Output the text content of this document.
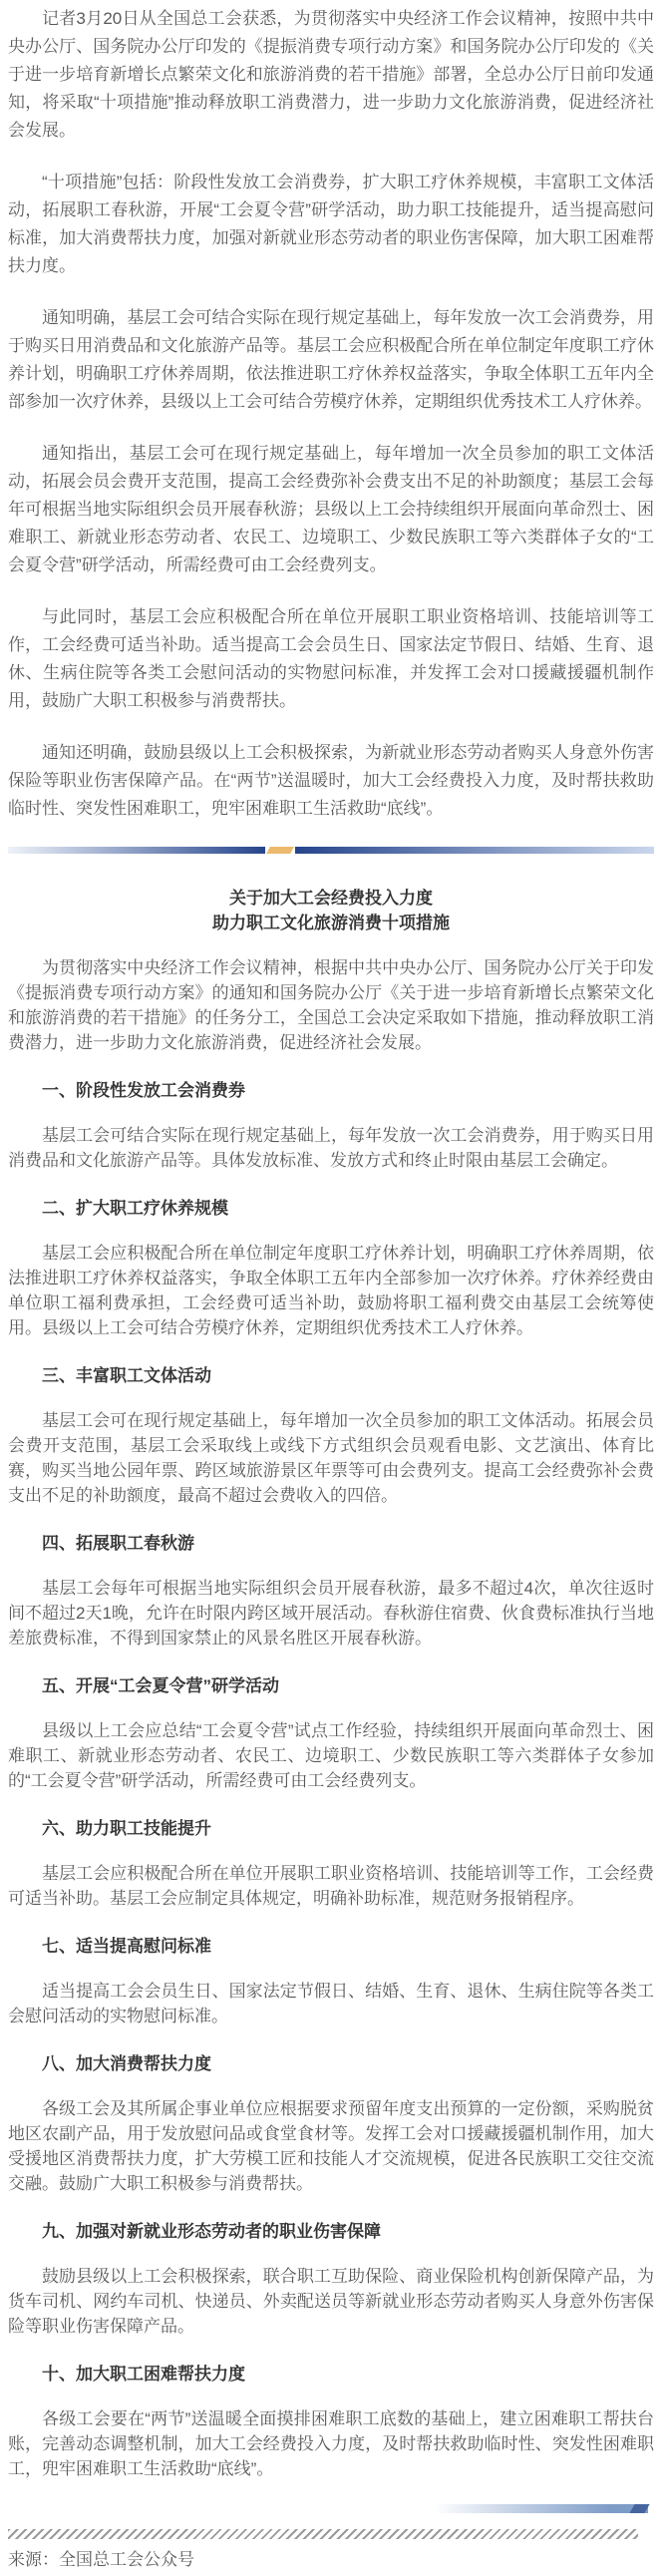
记者3月20日从全国总工会获悉，为贯彻落实中央经济工作会议精神，按照中共中央办公厅、国务院办公厅印发的《提振消费专项行动方案》和国务院办公厅印发的《关于进一步培育新增长点繁荣文化和旅游消费的若干措施》部署，全总办公厅日前印发通知，将采取“十项措施”推动释放职工消费潜力，进一步助力文化旅游消费，促进经济社会发展。

“十项措施”包括：阶段性发放工会消费券，扩大职工疗休养规模，丰富职工文体活动，拓展职工春秋游，开展“工会夏令营”研学活动，助力职工技能提升，适当提高慰问标准，加大消费帮扶力度，加强对新就业形态劳动者的职业伤害保障，加大职工困难帮扶力度。

通知明确，基层工会可结合实际在现行规定基础上，每年发放一次工会消费券，用于购买日用消费品和文化旅游产品等。基层工会应积极配合所在单位制定年度职工疗休养计划，明确职工疗休养周期，依法推进职工疗休养权益落实，争取全体职工五年内全部参加一次疗休养，县级以上工会可结合劳模疗休养，定期组织优秀技术工人疗休养。

通知指出，基层工会可在现行规定基础上，每年增加一次全员参加的职工文体活动，拓展会员会费开支范围，提高工会经费弥补会费支出不足的补助额度；基层工会每年可根据当地实际组织会员开展春秋游；县级以上工会持续组织开展面向革命烈士、困难职工、新就业形态劳动者、农民工、边境职工、少数民族职工等六类群体子女的“工会夏令营”研学活动，所需经费可由工会经费列支。

与此同时，基层工会应积极配合所在单位开展职工职业资格培训、技能培训等工作，工会经费可适当补助。适当提高工会会员生日、国家法定节假日、结婚、生育、退休、生病住院等各类工会慰问活动的实物慰问标准，并发挥工会对口援藏援疆机制作用，鼓励广大职工积极参与消费帮扶。

通知还明确，鼓励县级以上工会积极探索，为新就业形态劳动者购买人身意外伤害保险等职业伤害保障产品。在“两节”送温暖时，加大工会经费投入力度，及时帮扶救助临时性、突发性困难职工，兜牢困难职工生活救助“底线”。

关于加大工会经费投入力度
助力职工文化旅游消费十项措施

为贯彻落实中央经济工作会议精神，根据中共中央办公厅、国务院办公厅关于印发《提振消费专项行动方案》的通知和国务院办公厅《关于进一步培育新增长点繁荣文化和旅游消费的若干措施》的任务分工，全国总工会决定采取如下措施，推动释放职工消费潜力，进一步助力文化旅游消费，促进经济社会发展。

一、阶段性发放工会消费券

基层工会可结合实际在现行规定基础上，每年发放一次工会消费券，用于购买日用消费品和文化旅游产品等。具体发放标准、发放方式和终止时限由基层工会确定。

二、扩大职工疗休养规模

基层工会应积极配合所在单位制定年度职工疗休养计划，明确职工疗休养周期，依法推进职工疗休养权益落实，争取全体职工五年内全部参加一次疗休养。疗休养经费由单位职工福利费承担，工会经费可适当补助，鼓励将职工福利费交由基层工会统筹使用。县级以上工会可结合劳模疗休养，定期组织优秀技术工人疗休养。

三、丰富职工文体活动

基层工会可在现行规定基础上，每年增加一次全员参加的职工文体活动。拓展会员会费开支范围，基层工会采取线上或线下方式组织会员观看电影、文艺演出、体育比赛，购买当地公园年票、跨区域旅游景区年票等可由会费列支。提高工会经费弥补会费支出不足的补助额度，最高不超过会费收入的四倍。

四、拓展职工春秋游

基层工会每年可根据当地实际组织会员开展春秋游，最多不超过4次，单次往返时间不超过2天1晚，允许在时限内跨区域开展活动。春秋游住宿费、伙食费标准执行当地差旅费标准，不得到国家禁止的风景名胜区开展春秋游。

五、开展“工会夏令营”研学活动

县级以上工会应总结“工会夏令营”试点工作经验，持续组织开展面向革命烈士、困难职工、新就业形态劳动者、农民工、边境职工、少数民族职工等六类群体子女参加的“工会夏令营”研学活动，所需经费可由工会经费列支。

六、助力职工技能提升

基层工会应积极配合所在单位开展职工职业资格培训、技能培训等工作，工会经费可适当补助。基层工会应制定具体规定，明确补助标准，规范财务报销程序。

七、适当提高慰问标准

适当提高工会会员生日、国家法定节假日、结婚、生育、退休、生病住院等各类工会慰问活动的实物慰问标准。

八、加大消费帮扶力度

各级工会及其所属企事业单位应根据要求预留年度支出预算的一定份额，采购脱贫地区农副产品，用于发放慰问品或食堂食材等。发挥工会对口援藏援疆机制作用，加大受援地区消费帮扶力度，扩大劳模工匠和技能人才交流规模，促进各民族职工交往交流交融。鼓励广大职工积极参与消费帮扶。

九、加强对新就业形态劳动者的职业伤害保障

鼓励县级以上工会积极探索，联合职工互助保险、商业保险机构创新保障产品，为货车司机、网约车司机、快递员、外卖配送员等新就业形态劳动者购买人身意外伤害保险等职业伤害保障产品。

十、加大职工困难帮扶力度

各级工会要在“两节”送温暖全面摸排困难职工底数的基础上，建立困难职工帮扶台账，完善动态调整机制，加大工会经费投入力度，及时帮扶救助临时性、突发性困难职工，兜牢困难职工生活救助“底线”。

来源：全国总工会公众号
